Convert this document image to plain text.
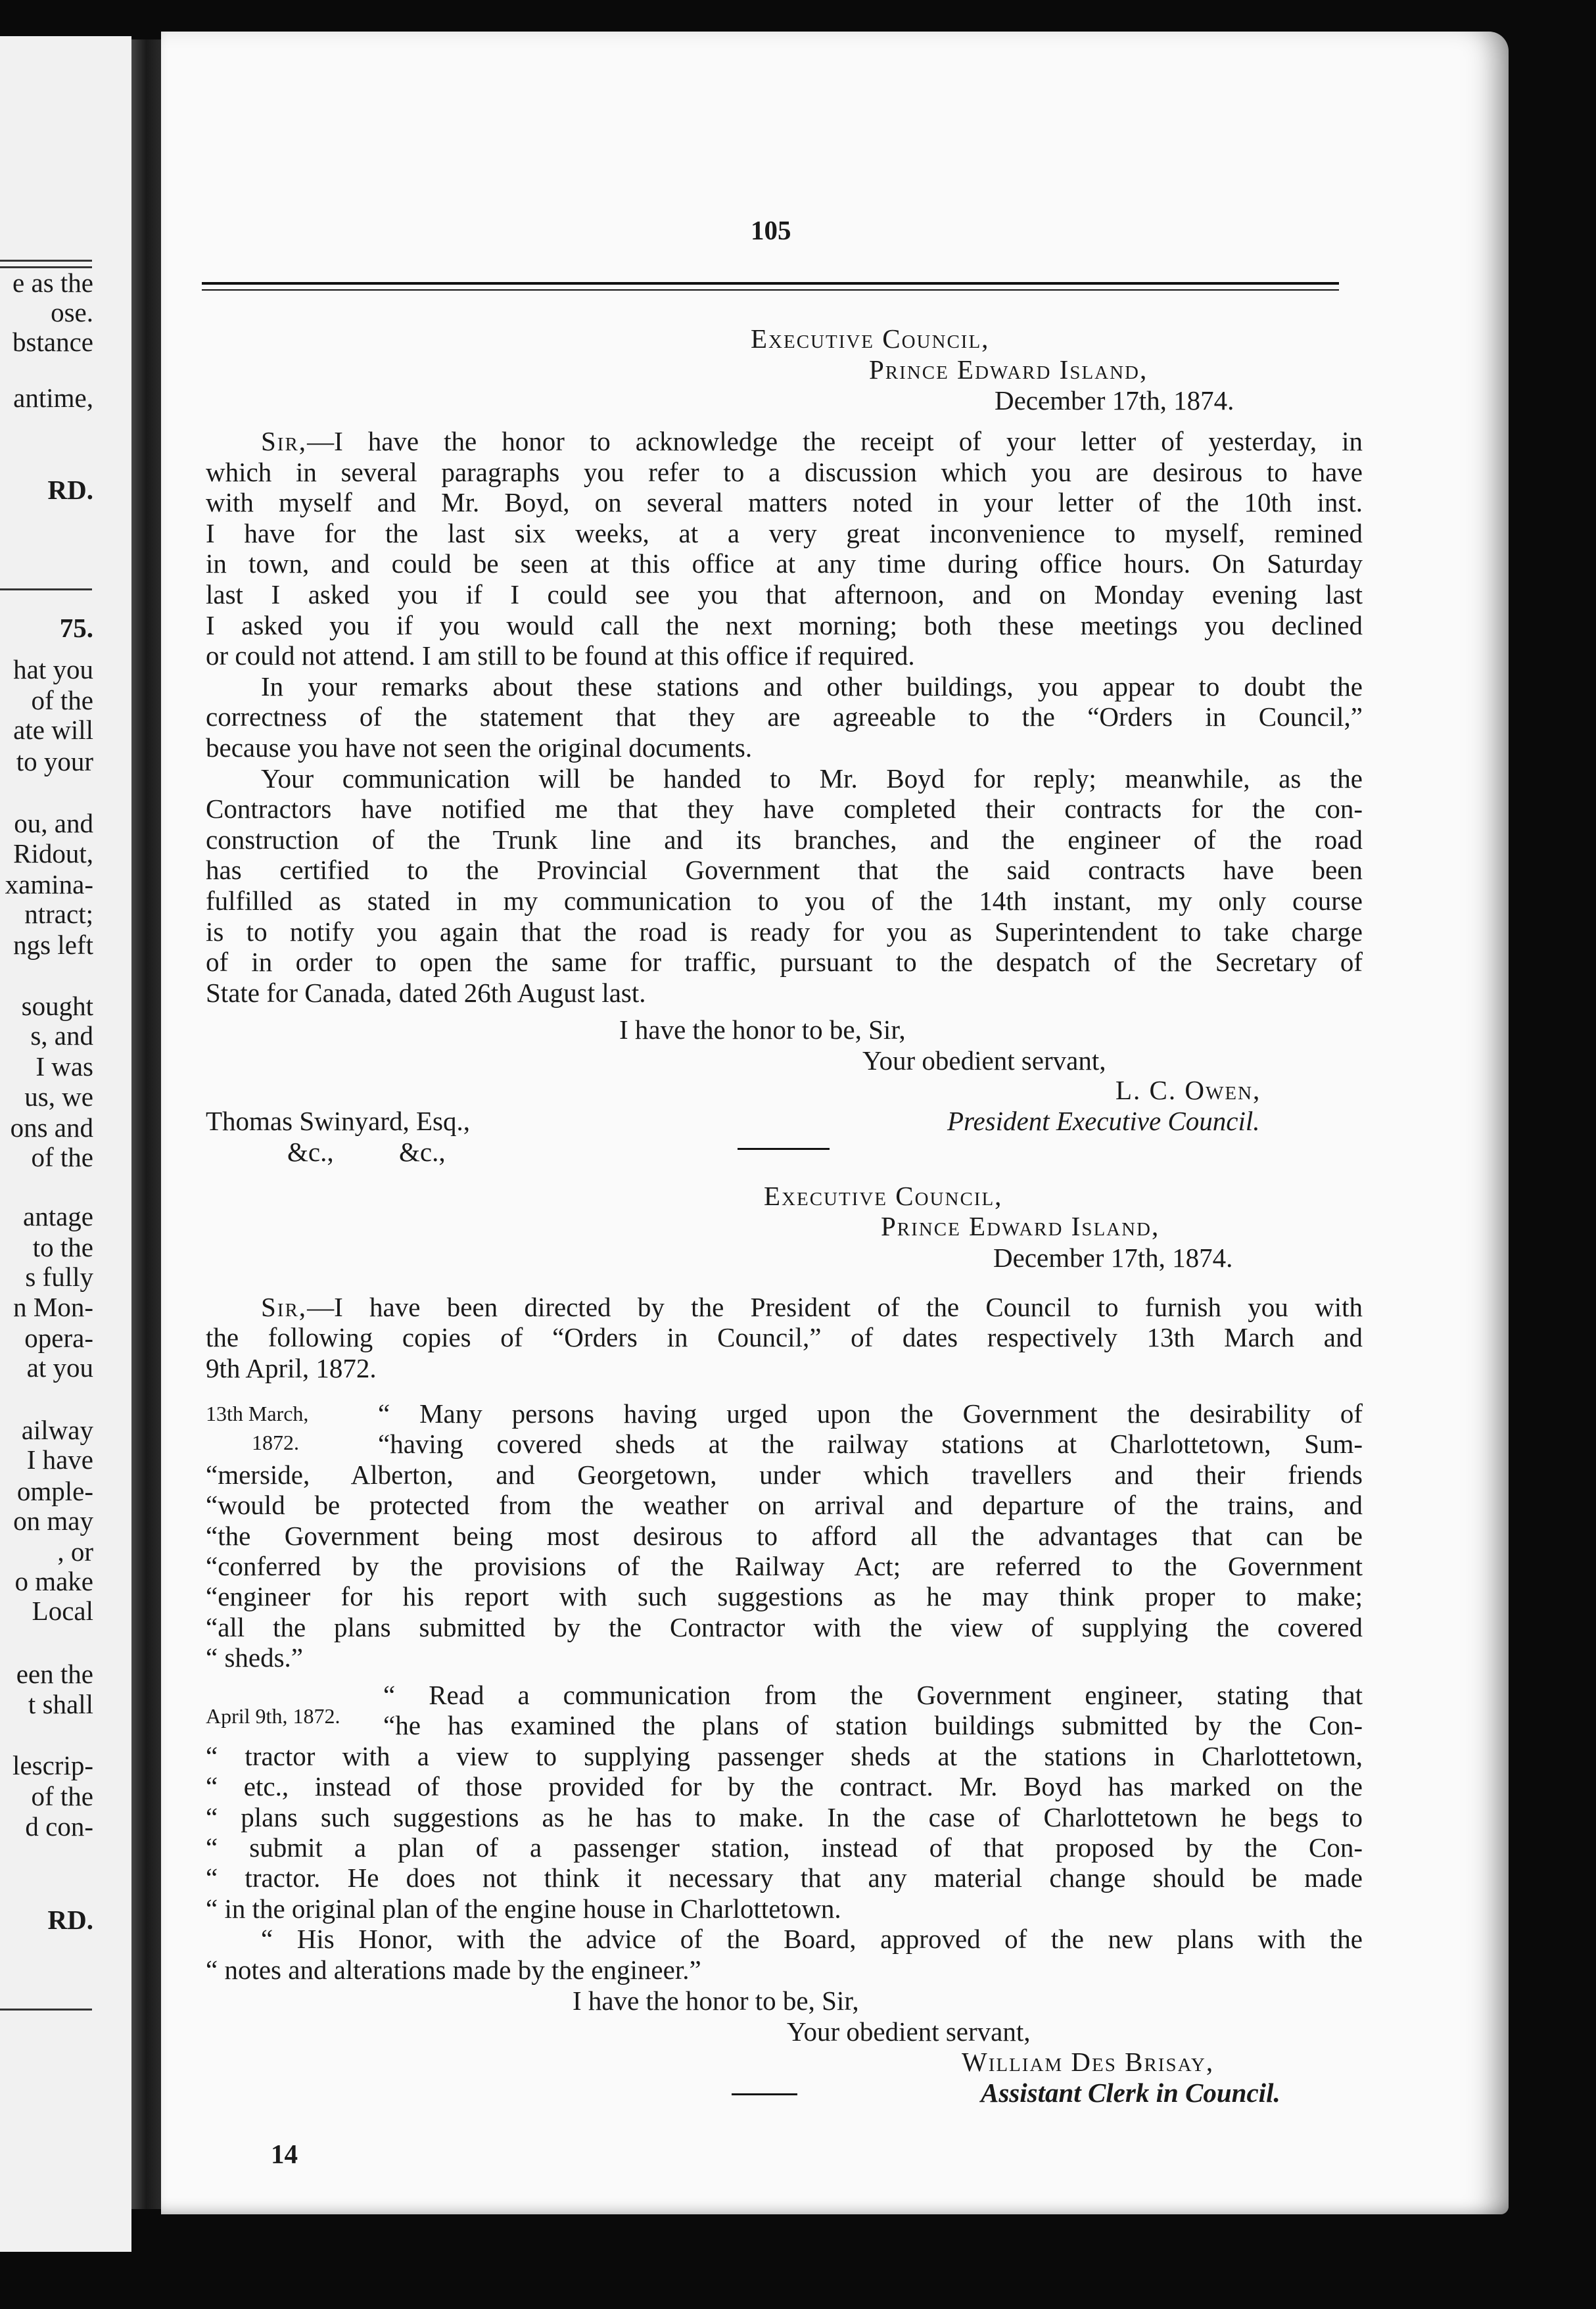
e as the
ose.
bstance
antime,
RD.
75.
hat you
of the
ate will
to your
ou, and
Ridout,
xamina-
ntract;
ngs left
sought
s, and
I was
us, we
ons and
of the
antage
to the
s fully
n Mon-
opera-
at you
ailway
I have
omple-
on may
, or
o make
Local
een the
t shall
lescrip-
of the
d con-
RD.
105
Executive Council,
Prince Edward Island,
December 17th, 1874.
Sir,—I have the honor to acknowledge the receipt of your letter of yesterday, in
which in several paragraphs you refer to a discussion which you are desirous to have
with myself and Mr. Boyd, on several matters noted in your letter of the 10th inst.
I have for the last six weeks, at a very great inconvenience to myself, remined
in town, and could be seen at this office at any time during office hours. On Saturday
last I asked you if I could see you that afternoon, and on Monday evening last
I asked you if you would call the next morning; both these meetings you declined
or could not attend. I am still to be found at this office if required.
In your remarks about these stations and other buildings, you appear to doubt the
correctness of the statement that they are agreeable to the “Orders in Council,”
because you have not seen the original documents.
Your communication will be handed to Mr. Boyd for reply; meanwhile, as the
Contractors have notified me that they have completed their contracts for the con-
construction of the Trunk line and its branches, and the engineer of the road
has certified to the Provincial Government that the said contracts have been
fulfilled as stated in my communication to you of the 14th instant, my only course
is to notify you again that the road is ready for you as Superintendent to take charge
of in order to open the same for traffic, pursuant to the despatch of the Secretary of
State for Canada, dated 26th August last.
I have the honor to be, Sir,
Your obedient servant,
L. C. Owen,
President Executive Council.
Thomas Swinyard, Esq.,
&c., &c.,
Executive Council,
Prince Edward Island,
December 17th, 1874.
Sir,—I have been directed by the President of the Council to furnish you with
the following copies of “Orders in Council,” of dates respectively 13th March and
9th April, 1872.
“ Many persons having urged upon the Government the desirability of
“having covered sheds at the railway stations at Charlottetown, Sum-
“merside, Alberton, and Georgetown, under which travellers and their friends
“would be protected from the weather on arrival and departure of the trains, and
“the Government being most desirous to afford all the advantages that can be
“conferred by the provisions of the Railway Act; are referred to the Government
“engineer for his report with such suggestions as he may think proper to make;
“all the plans submitted by the Contractor with the view of supplying the covered
“ sheds.”
“ Read a communication from the Government engineer, stating that
“he has examined the plans of station buildings submitted by the Con-
“ tractor with a view to supplying passenger sheds at the stations in Charlottetown,
“ etc., instead of those provided for by the contract. Mr. Boyd has marked on the
“ plans such suggestions as he has to make. In the case of Charlottetown he begs to
“ submit a plan of a passenger station, instead of that proposed by the Con-
“ tractor. He does not think it necessary that any material change should be made
“ in the original plan of the engine house in Charlottetown.
“ His Honor, with the advice of the Board, approved of the new plans with the
“ notes and alterations made by the engineer.”
13th March,
1872.
April 9th, 1872.
I have the honor to be, Sir,
Your obedient servant,
William Des Brisay,
Assistant Clerk in Council.
14
